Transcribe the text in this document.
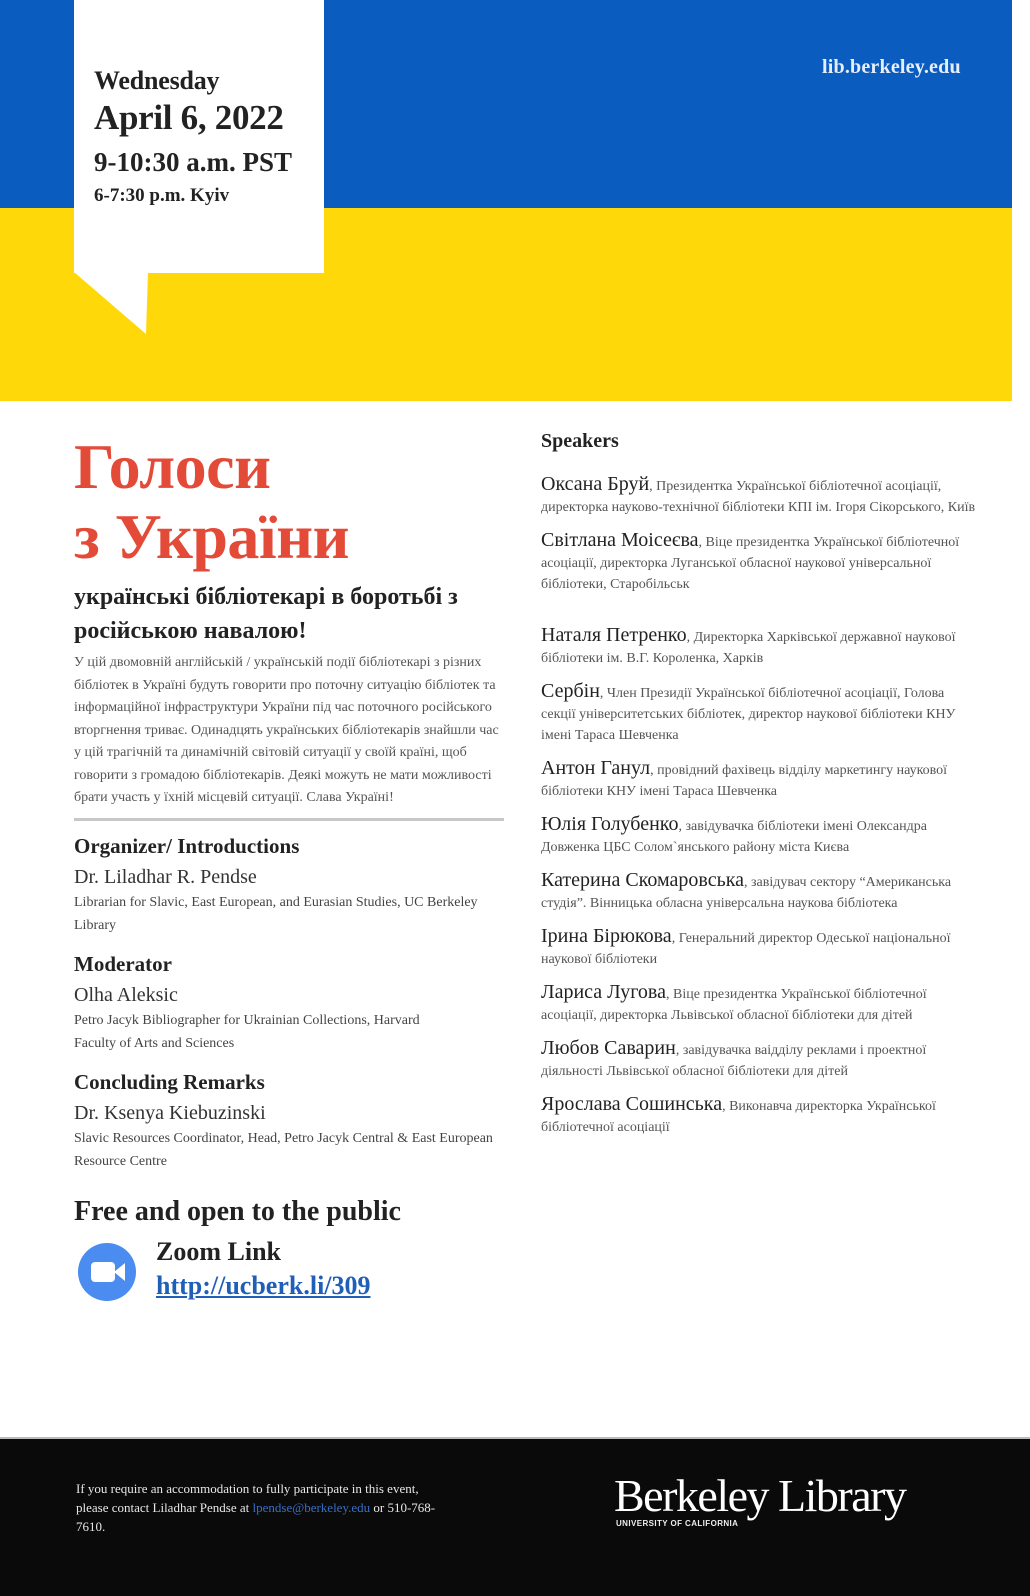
lib.berkeley.edu
Wednesday
April 6, 2022
9-10:30 a.m. PST
6-7:30 p.m. Kyiv
Голоси
з України
українські бібліотекарі в боротьбі з російською навалою!

У цій двомовній англійській / українській події бібліотекарі з різних бібліотек в Україні будуть говорити про поточну ситуацію бібліотек та інформаційної інфраструктури України під час поточного російського вторгнення триває. Одинадцять українських бібліотекарів знайшли час у цій трагічній та динамічній світовій ситуації у своїй країні, щоб говорити з громадою бібліотекарів. Деякі можуть не мати можливості брати участь у їхній місцевій ситуації. Слава Україні!

Organizer/ Introductions
Dr. Liladhar R. Pendse
Librarian for Slavic, East European, and Eurasian Studies, UC Berkeley Library
Moderator
Olha Aleksic
Petro Jacyk Bibliographer for Ukrainian Collections, Harvard Faculty of Arts and Sciences
Concluding Remarks
Dr. Ksenya Kiebuzinski
Slavic Resources Coordinator, Head, Petro Jacyk Central & East European Resource Centre
Free and open to the public
Zoom Link
http://ucberk.li/309
Speakers
Оксана Бруй, Президентка Української бібліотечної асоціації, директорка науково-технічної бібліотеки КПІ ім. Ігоря Сікорського, Київ
Світлана Моісеєва, Віце президентка Української бібліотечної асоціації, директорка Луганської обласної наукової універсальної бібліотеки, Старобільськ
Наталя Петренко, Директорка Харківської державної наукової бібліотеки ім. В.Г. Короленка, Харків
Сербін, Член Президії Української бібліотечної асоціації, Голова секції університетських бібліотек, директор наукової бібліотеки КНУ імені Тараса Шевченка
Антон Ганул, провідний фахівець відділу маркетингу наукової бібліотеки КНУ імені Тараса Шевченка
Юлія Голубенко, завідувачка бібліотеки імені Олександра Довженка ЦБС Солом`янського району міста Києва
Катерина Скомаровська, завідувач сектору “Американська студія”. Вінницька обласна універсальна наукова бібліотека
Ірина Бірюкова, Генеральний директор Одеської національної наукової бібліотеки
Лариса Лугова, Віце президентка Української бібліотечної асоціації, директорка Львівської обласної бібліотеки для дітей
Любов Саварин, завідувачка ваідділу реклами і проектної діяльності Львівської обласної бібліотеки для дітей
Ярослава Сошинська, Виконавча директорка Української бібліотечної асоціації
If you require an accommodation to fully participate in this event, please contact Liladhar Pendse at lpendse@berkeley.edu or 510-768-7610.
Berkeley Library
UNIVERSITY OF CALIFORNIA
